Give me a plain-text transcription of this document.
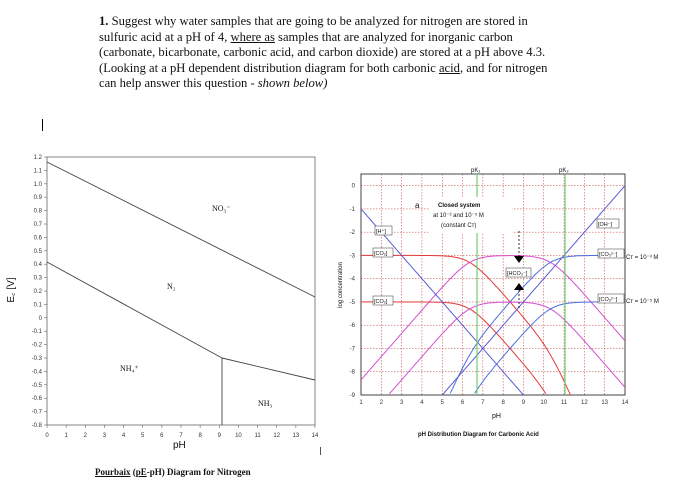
1. Suggest why water samples that are going to be analyzed for nitrogen are stored in
sulfuric acid at a pH of 4, where as samples that are analyzed for inorganic carbon
(carbonate, bicarbonate, carbonic acid, and carbon dioxide) are stored at a pH above 4.3.
(Looking at a pH dependent distribution diagram for both carbonic acid, and for nitrogen
can help answer this question - shown below)
1.2
1.1
1.0
0.9
0.8
0.7
0.6
0.5
0.4
0.3
0.2
0.1
0
-0.1
-0.2
-0.3
-0.4
-0.5
-0.6
-0.7
-0.8
0	1	2	3	4	5	6	7	8	9 10 11 12 13 14
NO₃⁻
N₂
NH₄⁺
NH₃
pH
E꜀ [V]
Pourbaix (pE-pH) Diagram for Nitrogen
0
-1
-2
-3
-4
-5
-6
-7
-8
-9
1	2	3	4	5	6	7	8	9	10 11 12 13 14
pK₁	pK₂
a	Closed system
at 10⁻³ and 10⁻⁵ M
(constant Cᴛ)
[H⁺]
[CO₂]
[CO₂]
[HCO₃⁻]
[OH⁻]
[CO₃²⁻]
[CO₃²⁻]
Cᴛ = 10⁻³ M
Cᴛ = 10⁻⁵ M
pH
log concentration
pH Distribution Diagram for Carbonic Acid
